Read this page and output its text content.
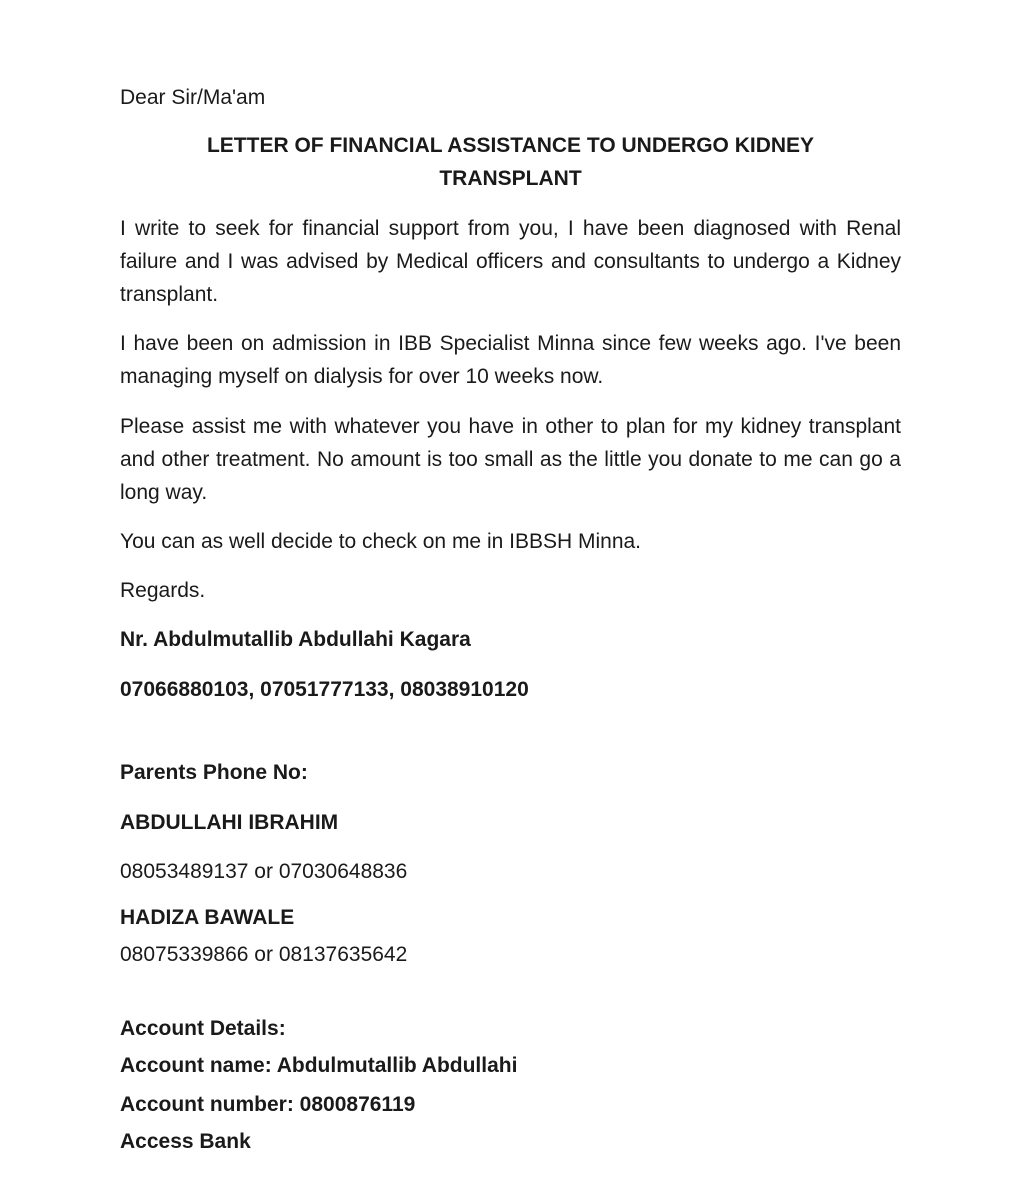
Dear Sir/Ma'am

LETTER OF FINANCIAL ASSISTANCE TO UNDERGO KIDNEY

TRANSPLANT

I write to seek for financial support from you, I have been diagnosed with Renal failure and I was advised by Medical officers and consultants to undergo a Kidney transplant.

I have been on admission in IBB Specialist Minna since few weeks ago. I've been managing myself on dialysis for over 10 weeks now.

Please assist me with whatever you have in other to plan for my kidney transplant and other treatment. No amount is too small as the little you donate to me can go a long way.

You can as well decide to check on me in IBBSH Minna.

Regards.

Nr. Abdulmutallib Abdullahi Kagara

07066880103, 07051777133, 08038910120

Parents Phone No:

ABDULLAHI IBRAHIM

08053489137 or 07030648836

HADIZA BAWALE

08075339866 or 08137635642

Account Details:

Account name: Abdulmutallib Abdullahi

Account number: 0800876119

Access Bank
